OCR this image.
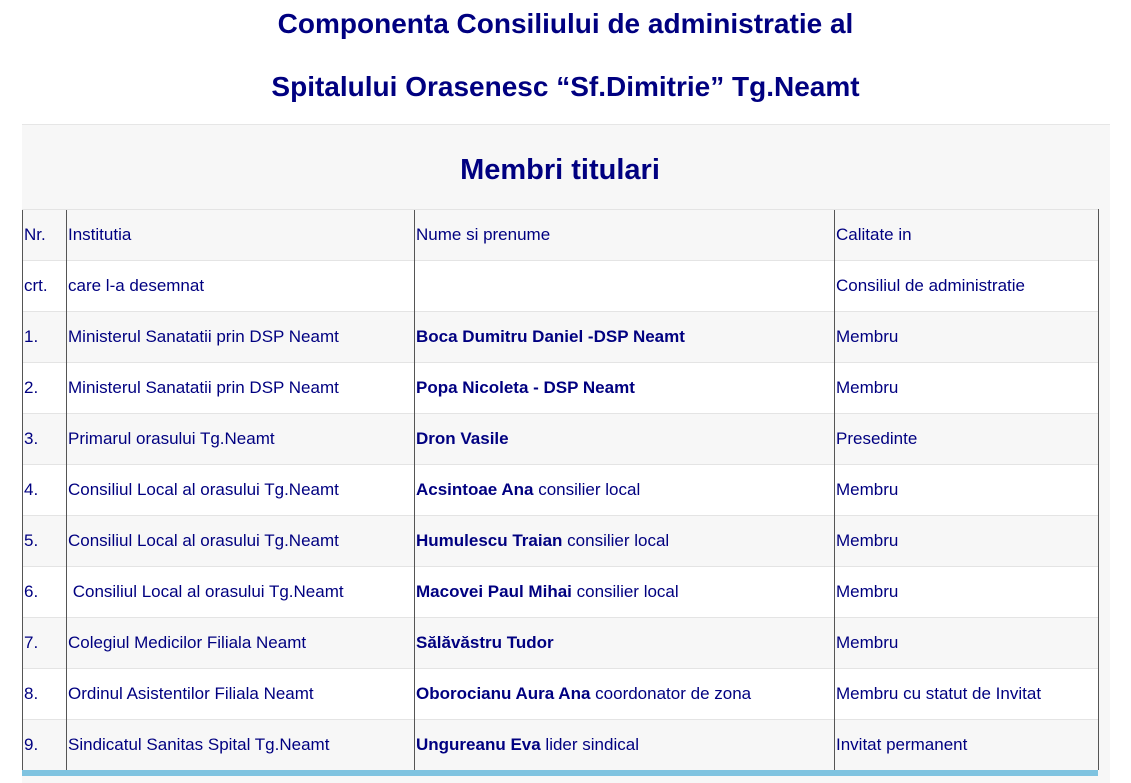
Componenta Consiliului de administratie al
Spitalului Orasenesc “Sf.Dimitrie” Tg.Neamt
Membri titulari
Nr.	Institutia	Nume si prenume	Calitate in
crt.	care l-a desemnat		Consiliul de administratie
1.	Ministerul Sanatatii prin DSP Neamt	Boca Dumitru Daniel -DSP Neamt	Membru
2.	Ministerul Sanatatii prin DSP Neamt	Popa Nicoleta - DSP Neamt	Membru
3.	Primarul orasului Tg.Neamt	Dron Vasile	Presedinte
4.	Consiliul Local al orasului Tg.Neamt	Acsintoae Ana consilier local	Membru
5.	Consiliul Local al orasului Tg.Neamt	Humulescu Traian consilier local	Membru
6.	Consiliul Local al orasului Tg.Neamt	Macovei Paul Mihai consilier local	Membru
7.	Colegiul Medicilor Filiala Neamt	Sălăvăstru Tudor	Membru
8.	Ordinul Asistentilor Filiala Neamt	Oborocianu Aura Ana coordonator de zona	Membru cu statut de Invitat
9.	Sindicatul Sanitas Spital Tg.Neamt	Ungureanu Eva lider sindical	Invitat permanent
